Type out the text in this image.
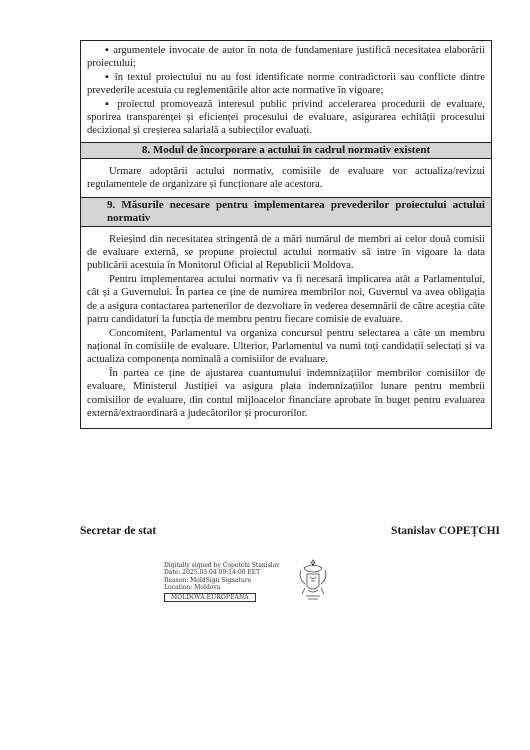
▪ argumentele invocate de autor în nota de fundamentare justifică necesitatea elaborării proiectului;

▪ în textul proiectului nu au fost identificate norme contradictorii sau conflicte dintre prevederile acestuia cu reglementările altor acte normative în vigoare;

▪ proiectul promovează interesul public privind accelerarea procedurii de evaluare, sporirea transparenței și eficienței procesului de evaluare, asigurarea echității procesului decizional și creșterea salarială a subiecților evaluați.

8. Modul de încorporare a actului în cadrul normativ existent

Urmare adoptării actului normativ, comisiile de evaluare vor actualiza/revizui regulamentele de organizare și funcționare ale acestora.

9. Măsurile necesare pentru implementarea prevederilor proiectului actului normativ

Reieșind din necesitatea stringentă de a mări numărul de membri ai celor două comisii de evaluare externă, se propune proiectul actului normativ să intre în vigoare la data publicării acestuia în Monitorul Oficial al Republicii Moldova.

Pentru implementarea actului normativ va fi necesară implicarea atât a Parlamentului, cât și a Guvernului. În partea ce ține de numirea membrilor noi, Guvernul va avea obligația de a asigura contactarea partenerilor de dezvoltare în vederea desemnării de către aceștia câte patru candidaturi la funcția de membru pentru fiecare comisie de evaluare.

Concomitent, Parlamentul va organiza concursul pentru selectarea a câte un membru național în comisiile de evaluare. Ulterior, Parlamentul va numi toți candidații selectați și va actualiza componența nominală a comisiilor de evaluare.

În partea ce ține de ajustarea cuantumului indemnizațiilor membrilor comisiilor de evaluare, Ministerul Justiției va asigura plata indemnizațiilor lunare pentru membrii comisiilor de evaluare, din contul mijloacelor financiare aprobate în buget pentru evaluarea externă/extraordinară a judecătorilor și procurorilor.

Secretar de stat	Stanislav COPEȚCHI
Digitally signed by Copețchi Stanislav
Date: 2025.03.04 09:14:00 EET
Reason: MoldSign Signature
Location: Moldova
MOLDOVA EUROPEANĂ
